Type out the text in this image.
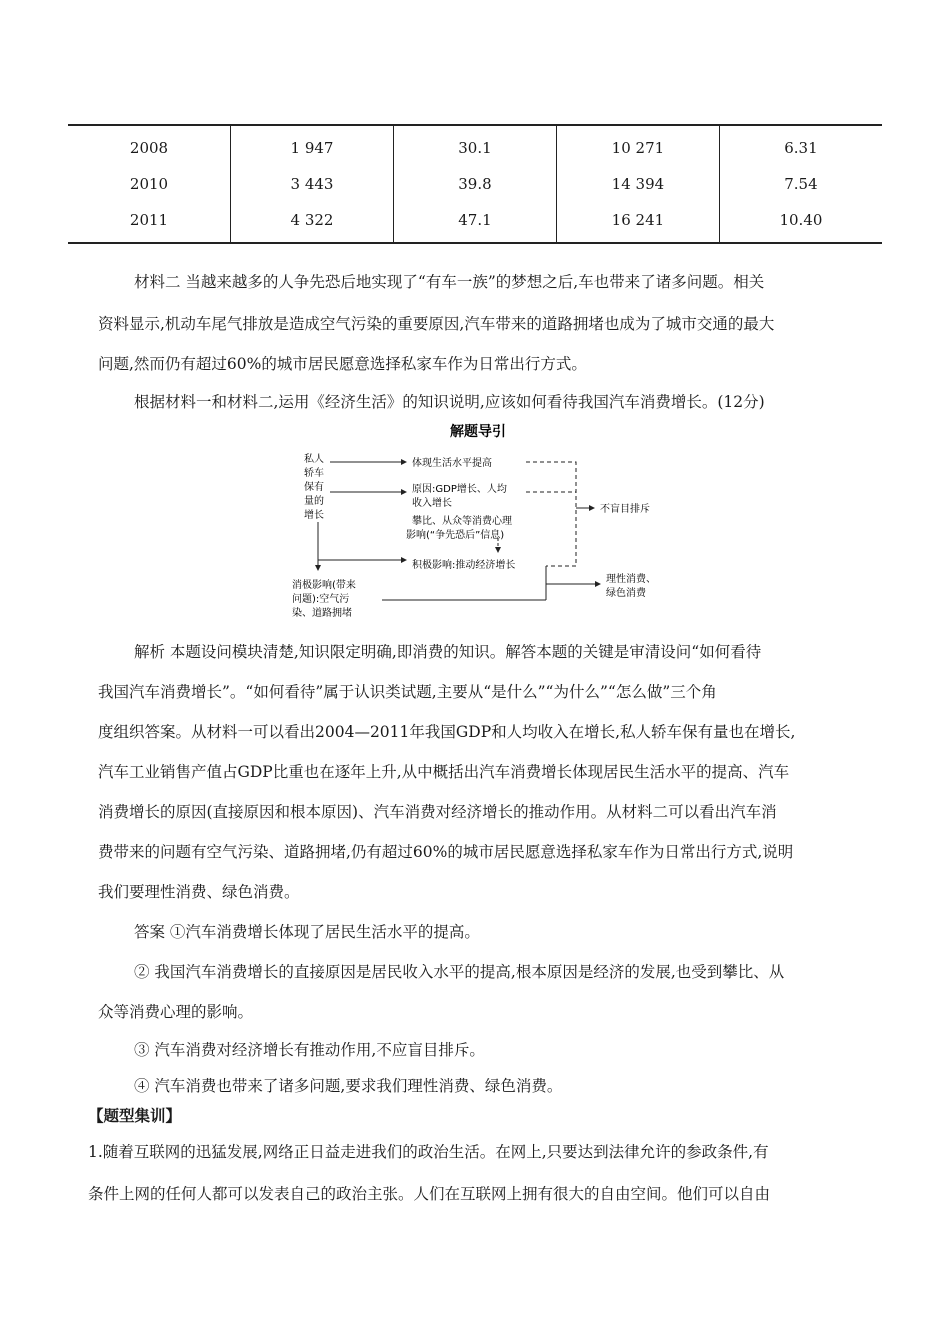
2008	1 947	30.1	10 271	6.31
2010	3 443	39.8	14 394	7.54
2011	4 322	47.1	16 241	10.40
材料二 当越来越多的人争先恐后地实现了“有车一族”的梦想之后,车也带来了诸多问题。相关
资料显示,机动车尾气排放是造成空气污染的重要原因,汽车带来的道路拥堵也成为了城市交通的最大
问题,然而仍有超过60%的城市居民愿意选择私家车作为日常出行方式。
根据材料一和材料二,运用《经济生活》的知识说明,应该如何看待我国汽车消费增长。(12分)
解题导引
私人
轿车
保有
量的
增长
体现生活水平提高
原因:GDP增长、人均
收入增长
攀比、从众等消费心理
影响(“争先恐后”信息)
积极影响:推动经济增长
不盲目排斥
理性消费、
绿色消费
消极影响(带来
问题):空气污
染、道路拥堵
解析 本题设问模块清楚,知识限定明确,即消费的知识。解答本题的关键是审清设问“如何看待
我国汽车消费增长”。“如何看待”属于认识类试题,主要从“是什么”“为什么”“怎么做”三个角
度组织答案。从材料一可以看出2004—2011年我国GDP和人均收入在增长,私人轿车保有量也在增长,
汽车工业销售产值占GDP比重也在逐年上升,从中概括出汽车消费增长体现居民生活水平的提高、汽车
消费增长的原因(直接原因和根本原因)、汽车消费对经济增长的推动作用。从材料二可以看出汽车消
费带来的问题有空气污染、道路拥堵,仍有超过60%的城市居民愿意选择私家车作为日常出行方式,说明
我们要理性消费、绿色消费。
答案 ①汽车消费增长体现了居民生活水平的提高。
② 我国汽车消费增长的直接原因是居民收入水平的提高,根本原因是经济的发展,也受到攀比、从
众等消费心理的影响。
③ 汽车消费对经济增长有推动作用,不应盲目排斥。
④ 汽车消费也带来了诸多问题,要求我们理性消费、绿色消费。
【题型集训】
1.随着互联网的迅猛发展,网络正日益走进我们的政治生活。在网上,只要达到法律允许的参政条件,有
条件上网的任何人都可以发表自己的政治主张。人们在互联网上拥有很大的自由空间。他们可以自由
